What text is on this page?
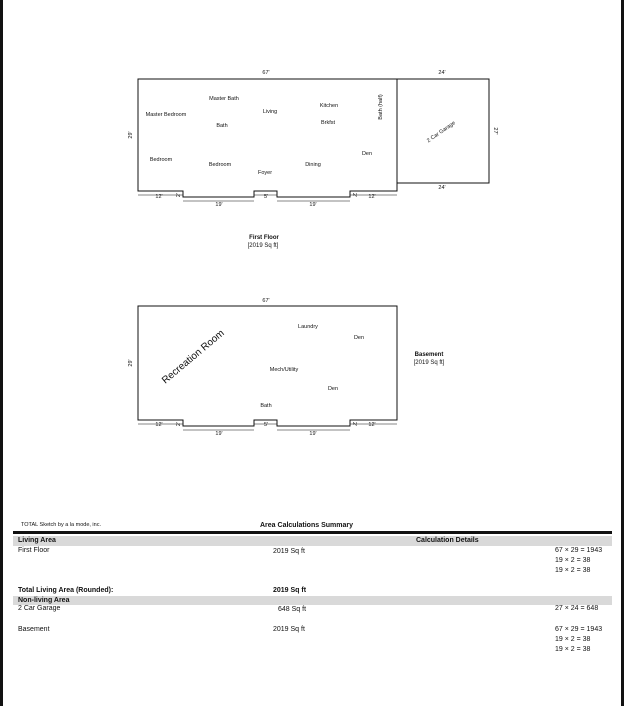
67'
29'
24'
27'
24'
12' 2'
19'
5'
19'
2' 12'
Master Bath
Living
Kitchen	Bath (half)
Master Bedroom
Bath	Brkfst	2 Car Garage
Den
Bedroom
Bedroom	Dining
Foyer
First Floor
[2019 Sq ft]
67'
29'
12' 2'
19'
5'
19'
2' 12'
Laundry
Den
Recreation Room	Mech/Utility
Den
Bath
Basement
[2019 Sq ft]
TOTAL Sketch by a la mode, inc.	Area Calculations Summary
Living Area	Calculation Details
First Floor	2019 Sq ft	67 × 29 = 1943
19 × 2 = 38
19 × 2 = 38
Total Living Area (Rounded):	2019 Sq ft
Non-living Area
2 Car Garage	648 Sq ft	27 × 24 = 648
Basement	2019 Sq ft	67 × 29 = 1943
19 × 2 = 38
19 × 2 = 38
